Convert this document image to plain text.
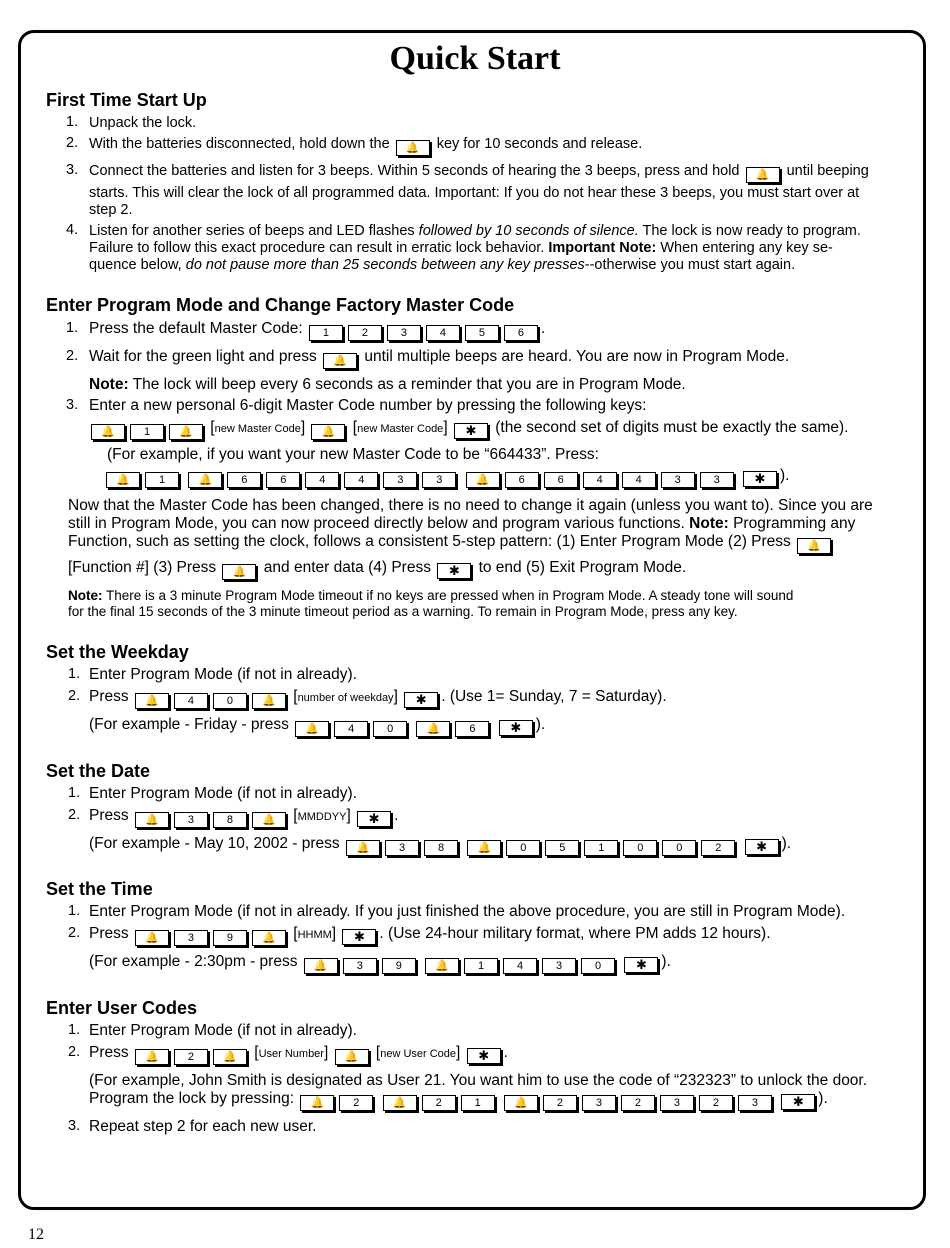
Quick Start
First Time Start Up
1. Unpack the lock.
2. With the batteries disconnected, hold down the 🔔 key for 10 seconds and release.
3. Connect the batteries and listen for 3 beeps. Within 5 seconds of hearing the 3 beeps, press and hold 🔔 until beeping
starts. This will clear the lock of all programmed data. Important: If you do not hear these 3 beeps, you must start over at
step 2.
4. Listen for another series of beeps and LED flashes followed by 10 seconds of silence. The lock is now ready to program.
Failure to follow this exact procedure can result in erratic lock behavior. Important Note: When entering any key se-
quence below, do not pause more than 25 seconds between any key presses--otherwise you must start again.
Enter Program Mode and Change Factory Master Code
1. Press the default Master Code: 1	2	3	4	5	6 .
2. Wait for the green light and press 🔔 until multiple beeps are heard. You are now in Program Mode.
Note: The lock will beep every 6 seconds as a reminder that you are in Program Mode.
3. Enter a new personal 6-digit Master Code number by pressing the following keys:
🔔	1	🔔 [new Master Code] 🔔 [new Master Code] ✱ (the second set of digits must be exactly the same).
(For example, if you want your new Master Code to be “664433”. Press:
🔔	1	🔔	6	6	4	4	3	3	🔔	6	6	4	4	3	3	✱ ).
Now that the Master Code has been changed, there is no need to change it again (unless you want to). Since you are
still in Program Mode, you can now proceed directly below and program various functions. Note: Programming any
Function, such as setting the clock, follows a consistent 5-step pattern: (1) Enter Program Mode (2) Press 🔔
[Function #] (3) Press 🔔 and enter data (4) Press ✱ to end (5) Exit Program Mode.
Note: There is a 3 minute Program Mode timeout if no keys are pressed when in Program Mode. A steady tone will sound
for the final 15 seconds of the 3 minute timeout period as a warning. To remain in Program Mode, press any key.
Set the Weekday
1. Enter Program Mode (if not in already).
2. Press 🔔	4	0	🔔 [number of weekday] ✱ . (Use 1= Sunday, 7 = Saturday).
(For example - Friday - press 🔔	4	0	🔔	6	✱ ).
Set the Date
1. Enter Program Mode (if not in already).
2. Press 🔔	3	8	🔔 [MMDDYY] ✱ .
(For example - May 10, 2002 - press 🔔	3	8	🔔	0	5	1	0	0	2	✱ ).
Set the Time
1. Enter Program Mode (if not in already. If you just finished the above procedure, you are still in Program Mode).
2. Press 🔔	3	9	🔔 [HHMM] ✱ . (Use 24-hour military format, where PM adds 12 hours).
(For example - 2:30pm - press 🔔	3	9	🔔	1	4	3	0	✱ ).
Enter User Codes
1. Enter Program Mode (if not in already).
2. Press 🔔	2	🔔 [User Number] 🔔 [new User Code] ✱ .
(For example, John Smith is designated as User 21. You want him to use the code of “232323” to unlock the door.
Program the lock by pressing: 🔔	2	🔔	2	1	🔔	2	3	2	3	2	3	✱ ).
3. Repeat step 2 for each new user.
12
